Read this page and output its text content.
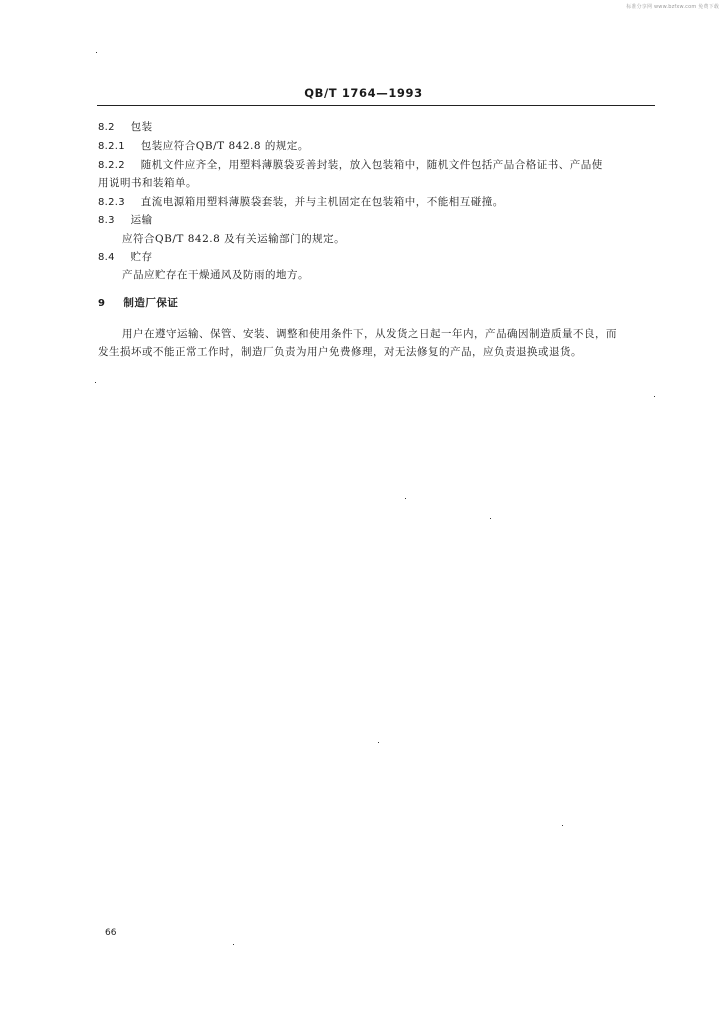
标准分享网 www.bzfxw.com 免费下载
QB/T 1764—1993
8.2 包装
8.2.1 包装应符合QB/T 842.8 的规定。
8.2.2 随机文件应齐全，用塑料薄膜袋妥善封装，放入包装箱中，随机文件包括产品合格证书、产品使
用说明书和装箱单。
8.2.3 直流电源箱用塑料薄膜袋套装，并与主机固定在包装箱中，不能相互碰撞。
8.3 运输
应符合QB/T 842.8 及有关运输部门的规定。
8.4 贮存
产品应贮存在干燥通风及防雨的地方。
9 制造厂保证
用户在遵守运输、保管、安装、调整和使用条件下，从发货之日起一年内，产品确因制造质量不良，而
发生损坏或不能正常工作时，制造厂负责为用户免费修理，对无法修复的产品，应负责退换或退货。
66
